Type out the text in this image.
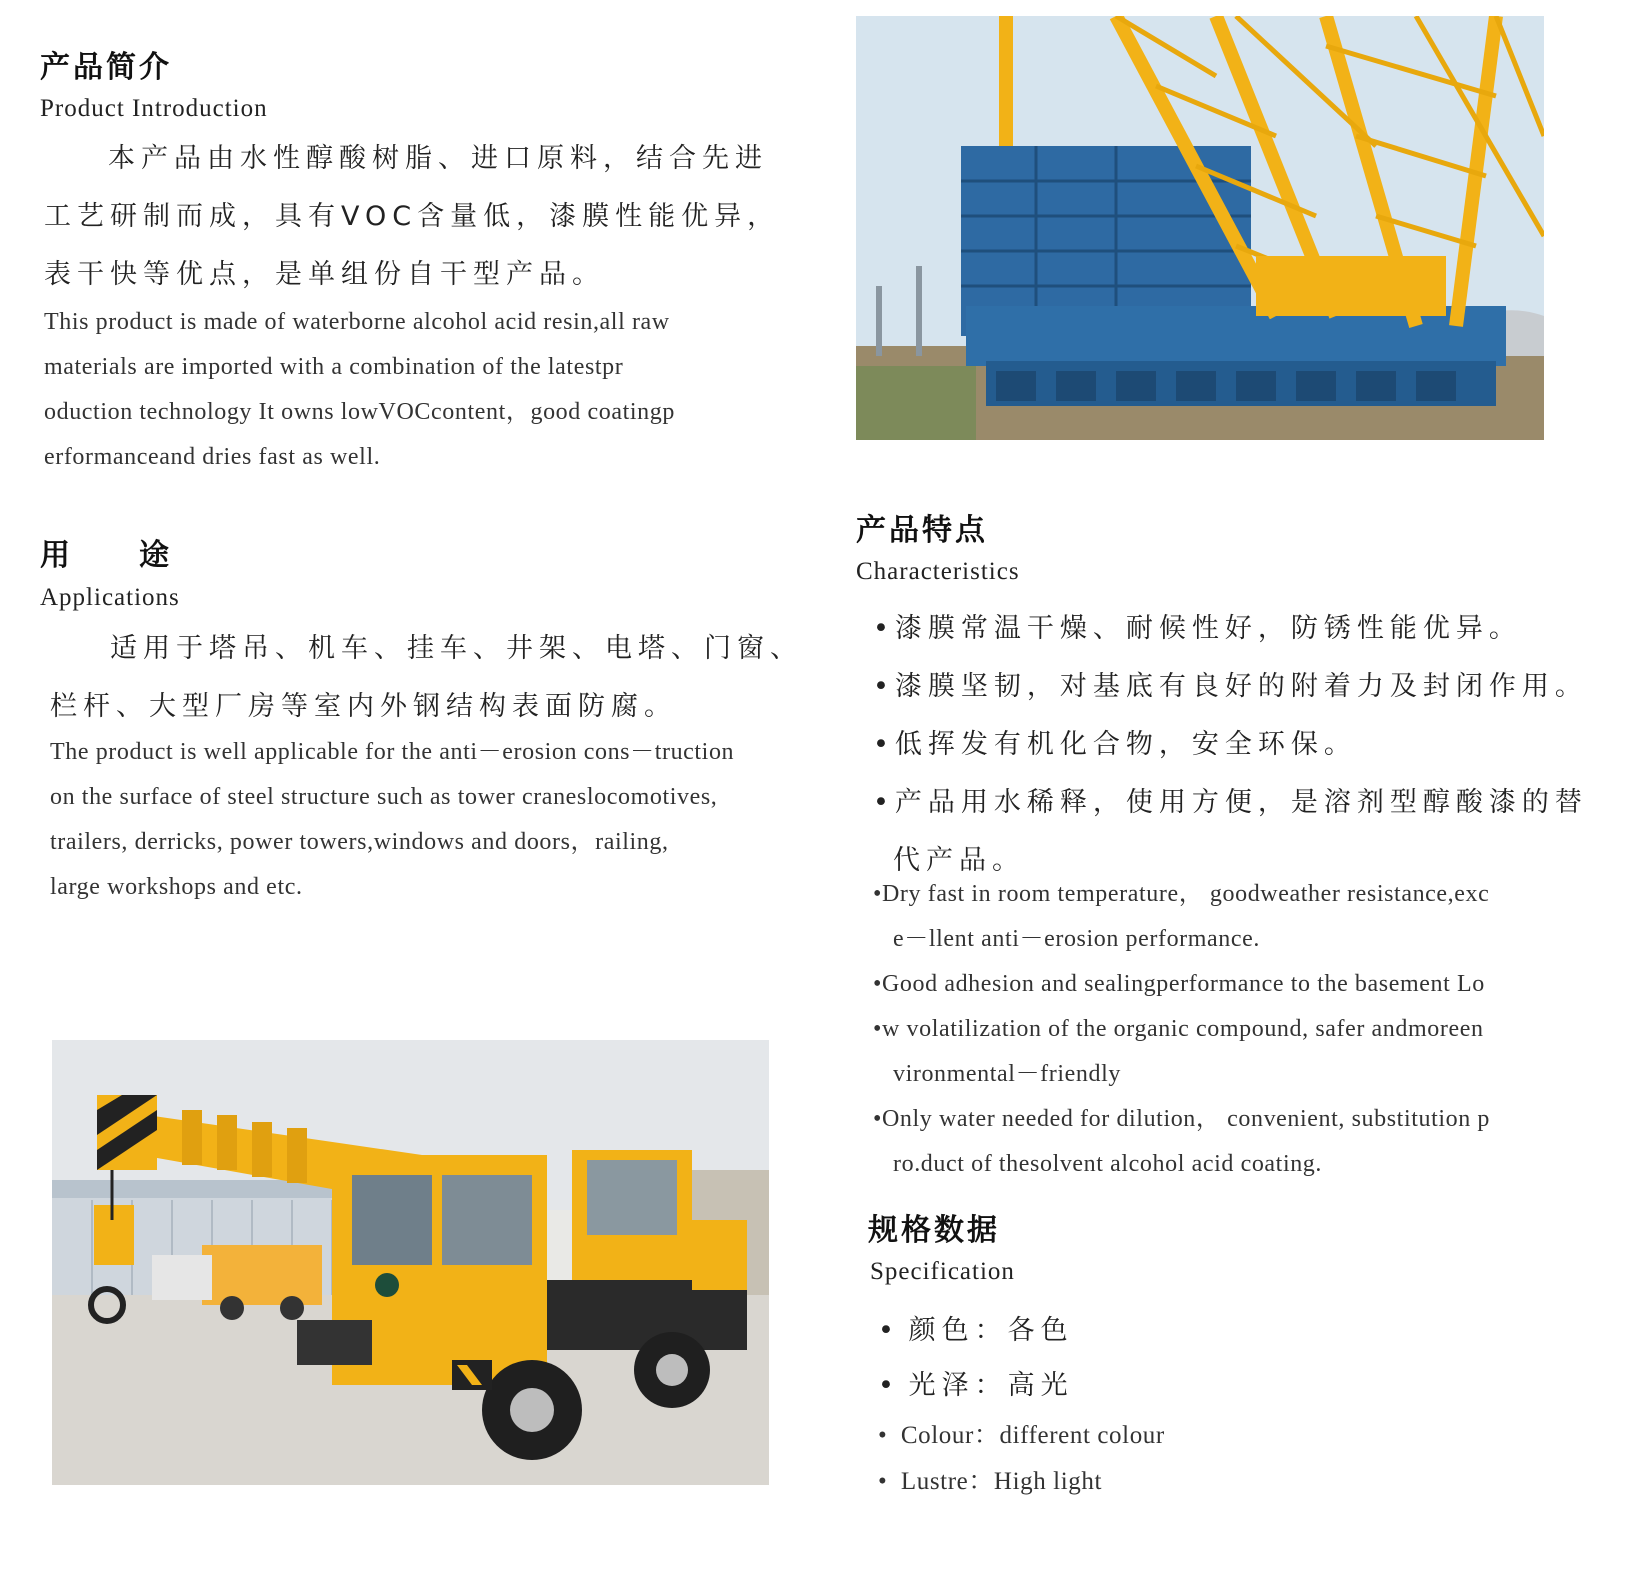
产品简介
Product Introduction
本产品由水性醇酸树脂、进口原料，结合先进
工艺研制而成，具有VOC含量低，漆膜性能优异，
表干快等优点，是单组份自干型产品。
This product is made of waterborne alcohol acid resin,all raw
materials are imported with a combination of the latestpr
oduction technology It owns lowVOCcontent，good coatingp
erformanceand dries fast as well.
用　　途
Applications
适用于塔吊、机车、挂车、井架、电塔、门窗、
栏杆、大型厂房等室内外钢结构表面防腐。
The product is well applicable for the anti－erosion cons－truction
on the surface of steel structure such as tower craneslocomotives,
trailers, derricks, power towers,windows and doors，railing,
large workshops and etc.
产品特点
Characteristics
•漆膜常温干燥、耐候性好，防锈性能优异。
•漆膜坚韧，对基底有良好的附着力及封闭作用。
•低挥发有机化合物，安全环保。
•产品用水稀释，使用方便，是溶剂型醇酸漆的替
代产品。
•Dry fast in room temperature， goodweather resistance,exc
e－llent anti－erosion performance.
•Good adhesion and sealingperformance to the basement Lo
•w volatilization of the organic compound, safer andmoreen
vironmental－friendly
•Only water needed for dilution， convenient, substitution p
ro.duct of thesolvent alcohol acid coating.
规格数据
Specification
• 颜色：各色
• 光泽：高光
• Colour：different colour
• Lustre：High light
